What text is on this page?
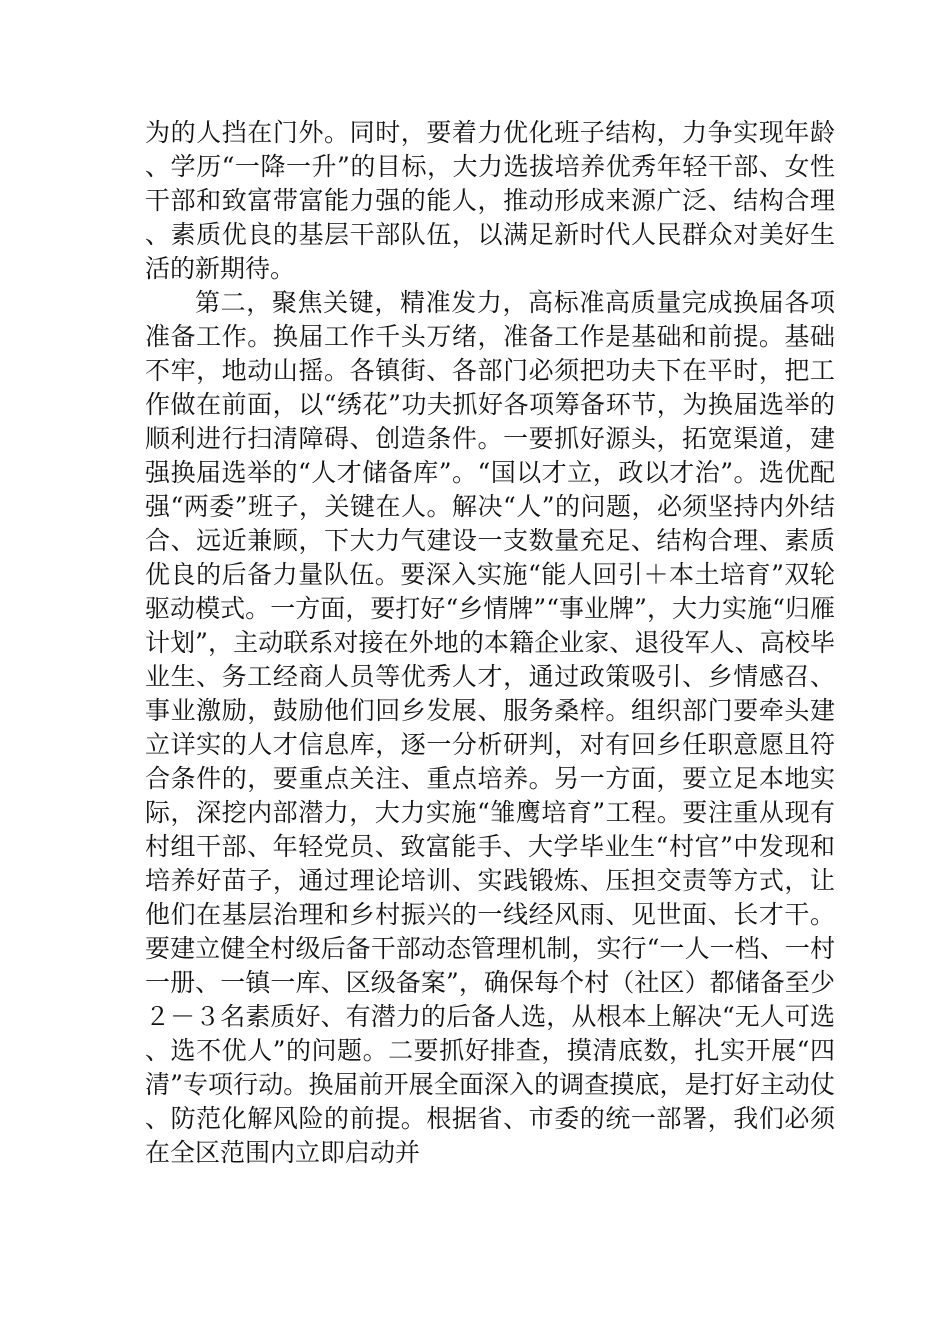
为的人挡在门外。同时，要着力优化班子结构，力争实现年龄、学历“一降一升”的目标，大力选拔培养优秀年轻干部、女性干部和致富带富能力强的能人，推动形成来源广泛、结构合理、素质优良的基层干部队伍，以满足新时代人民群众对美好生活的新期待。

第二，聚焦关键，精准发力，高标准高质量完成换届各项准备工作。换届工作千头万绪，准备工作是基础和前提。基础不牢，地动山摇。各镇街、各部门必须把功夫下在平时，把工作做在前面，以“绣花”功夫抓好各项筹备环节，为换届选举的顺利进行扫清障碍、创造条件。一要抓好源头，拓宽渠道，建强换届选举的“人才储备库”。“国以才立，政以才治”。选优配强“两委”班子，关键在人。解决“人”的问题，必须坚持内外结合、远近兼顾，下大力气建设一支数量充足、结构合理、素质优良的后备力量队伍。要深入实施“能人回引＋本土培育”双轮驱动模式。一方面，要打好“乡情牌”“事业牌”，大力实施“归雁计划”，主动联系对接在外地的本籍企业家、退役军人、高校毕业生、务工经商人员等优秀人才，通过政策吸引、乡情感召、事业激励，鼓励他们回乡发展、服务桑梓。组织部门要牵头建立详实的人才信息库，逐一分析研判，对有回乡任职意愿且符合条件的，要重点关注、重点培养。另一方面，要立足本地实际，深挖内部潜力，大力实施“雏鹰培育”工程。要注重从现有村组干部、年轻党员、致富能手、大学毕业生“村官”中发现和培养好苗子，通过理论培训、实践锻炼、压担交责等方式，让他们在基层治理和乡村振兴的一线经风雨、见世面、长才干。要建立健全村级后备干部动态管理机制，实行“一人一档、一村一册、一镇一库、区级备案”，确保每个村（社区）都储备至少２－３名素质好、有潜力的后备人选，从根本上解决“无人可选、选不优人”的问题。二要抓好排查，摸清底数，扎实开展“四清”专项行动。换届前开展全面深入的调查摸底，是打好主动仗、防范化解风险的前提。根据省、市委的统一部署，我们必须在全区范围内立即启动并
